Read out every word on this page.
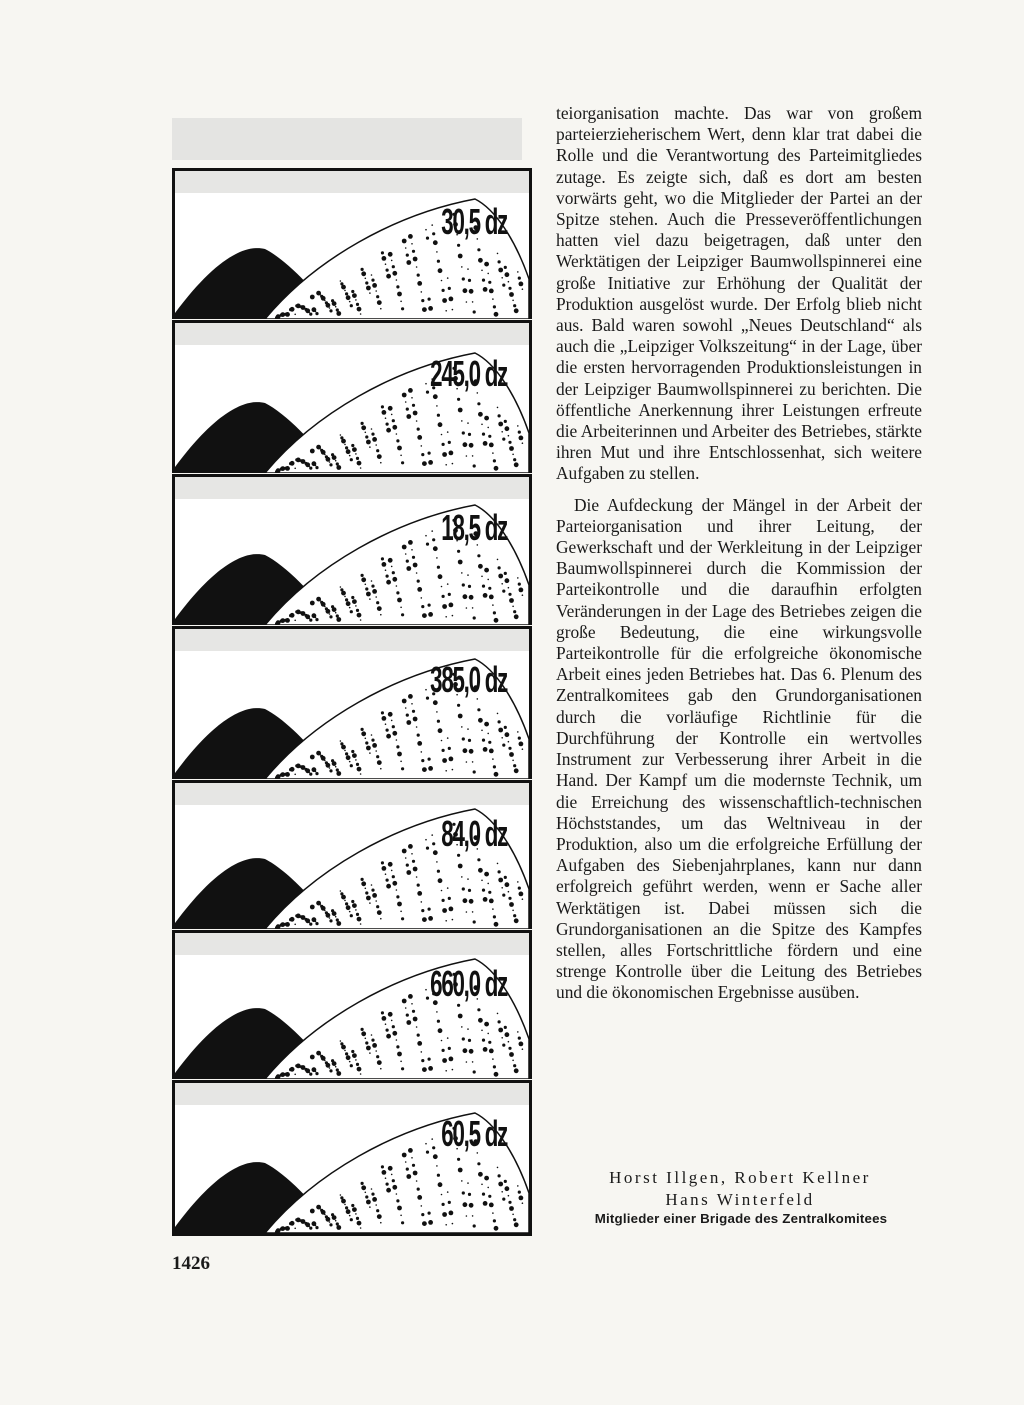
30,5 dz
245,0 dz
18,5 dz
385,0 dz
84,0 dz
660,0 dz
60,5 dz

teiorganisation machte. Das war von großem parteierzieherischem Wert, denn klar trat dabei die Rolle und die Verantwortung des Parteimitgliedes zutage. Es zeigte sich, daß es dort am besten vorwärts geht, wo die Mitglieder der Partei an der Spitze stehen. Auch die Presseveröffentlichungen hatten viel dazu beigetragen, daß unter den Werktätigen der Leipziger Baumwollspinnerei eine große Initiative zur Erhöhung der Qualität der Produktion ausgelöst wurde. Der Erfolg blieb nicht aus. Bald waren sowohl „Neues Deutschland“ als auch die „Leipziger Volkszeitung“ in der Lage, über die ersten hervorragenden Produktionsleistungen in der Leipziger Baumwollspinnerei zu berichten. Die öffentliche Anerkennung ihrer Leistungen erfreute die Arbeiterinnen und Arbeiter des Betriebes, stärkte ihren Mut und ihre Entschlossenhat, sich weitere Aufgaben zu stellen.

Die Aufdeckung der Mängel in der Arbeit der Parteiorganisation und ihrer Leitung, der Gewerkschaft und der Werkleitung in der Leipziger Baumwollspinnerei durch die Kommission der Parteikontrolle und die daraufhin erfolgten Veränderungen in der Lage des Betriebes zeigen die große Bedeutung, die eine wirkungsvolle Parteikontrolle für die erfolgreiche ökonomische Arbeit eines jeden Betriebes hat. Das 6. Plenum des Zentralkomitees gab den Grundorganisationen durch die vorläufige Richtlinie für die Durchführung der Kontrolle ein wertvolles Instrument zur Verbesserung ihrer Arbeit in die Hand. Der Kampf um die modernste Technik, um die Erreichung des wissenschaftlich-technischen Höchststandes, um das Weltniveau in der Produktion, also um die erfolgreiche Erfüllung der Aufgaben des Siebenjahrplanes, kann nur dann erfolgreich geführt werden, wenn er Sache aller Werktätigen ist. Dabei müssen sich die Grundorganisationen an die Spitze des Kampfes stellen, alles Fortschrittliche fördern und eine strenge Kontrolle über die Leitung des Betriebes und die ökonomischen Ergebnisse ausüben.

Horst Illgen, Robert Kellner
Hans Winterfeld
Mitglieder einer Brigade des Zentralkomitees
1426
